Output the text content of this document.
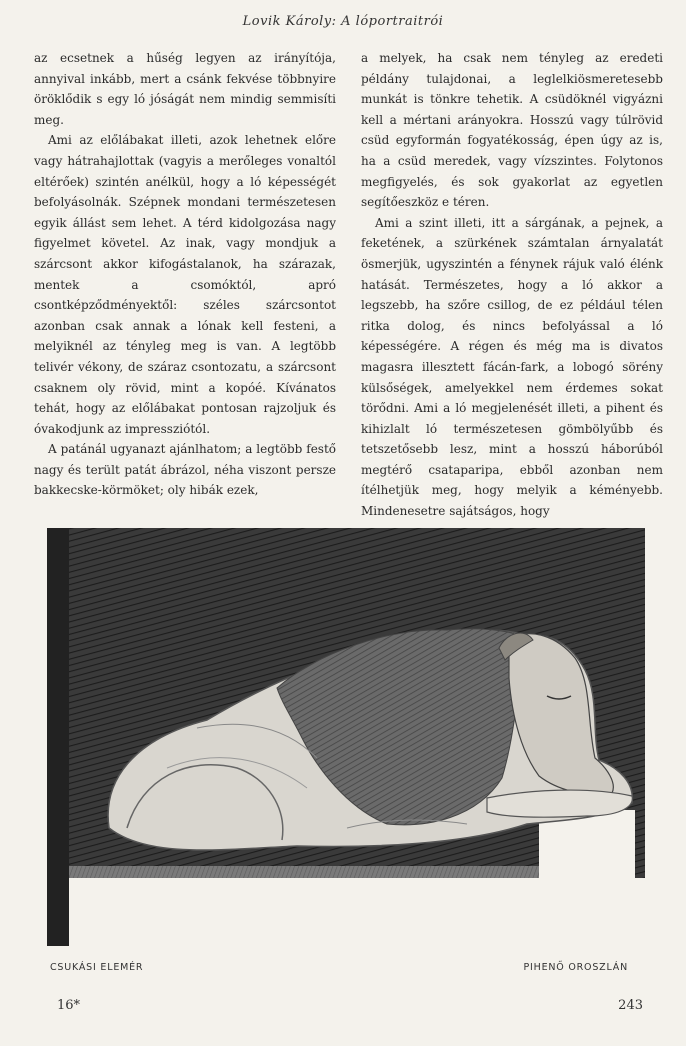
Lovik Károly: A lóportraitrói

az ecsetnek a hűség legyen az irányítója, annyival inkább, mert a csánk fekvése többnyire öröklődik s egy ló jóságát nem mindig semmisíti meg.

Ami az előlábakat illeti, azok lehetnek előre vagy hátrahajlottak (vagyis a merőleges vonaltól eltérőek) szintén anélkül, hogy a ló képességét befolyásolnák. Szépnek mondani természetesen egyik állást sem lehet. A térd kidolgozása nagy figyelmet követel. Az inak, vagy mondjuk a szárcsont akkor kifogástalanok, ha szárazak, mentek a csomóktól, apró csontképződményektől: széles szárcsontot azonban csak annak a lónak kell festeni, a melyiknél az tényleg meg is van. A legtöbb telivér vékony, de száraz csontozatu, a szárcsont csaknem oly rövid, mint a kopóé. Kívánatos tehát, hogy az előlábakat pontosan rajzoljuk és óvakodjunk az impressziótól.

A patánál ugyanazt ajánlhatom; a legtöbb festő nagy és terült patát ábrázol, néha viszont persze bakkecske-körmöket; oly hibák ezek,

a melyek, ha csak nem tényleg az eredeti példány tulajdonai, a leglelkiösmeretesebb munkát is tönkre tehetik. A csüdöknél vigyázni kell a mértani arányokra. Hosszú vagy túlrövid csüd egyformán fogyatékosság, épen úgy az is, ha a csüd meredek, vagy vízszintes. Folytonos megfigyelés, és sok gyakorlat az egyetlen segítőeszköz e téren.

Ami a szint illeti, itt a sárgának, a pejnek, a feketének, a szürkének számtalan árnyalatát ösmerjük, ugyszintén a fénynek rájuk való élénk hatását. Természetes, hogy a ló akkor a legszebb, ha szőre csillog, de ez például télen ritka dolog, és nincs befolyással a ló képességére. A régen és még ma is divatos magasra illesztett fácán-fark, a lobogó sörény külsőségek, amelyekkel nem érdemes sokat törődni. Ami a ló megjelenését illeti, a pihent és kihizlalt ló természetesen gömbölyűbb és tetszetősebb lesz, mint a hosszú háborúból megtérő csataparipa, ebből azonban nem ítélhetjük meg, hogy melyik a kéményebb. Mindenesetre sajátságos, hogy

CSUKÁSI ELEMÉR	PIHENŐ OROSZLÁN
16*	243
